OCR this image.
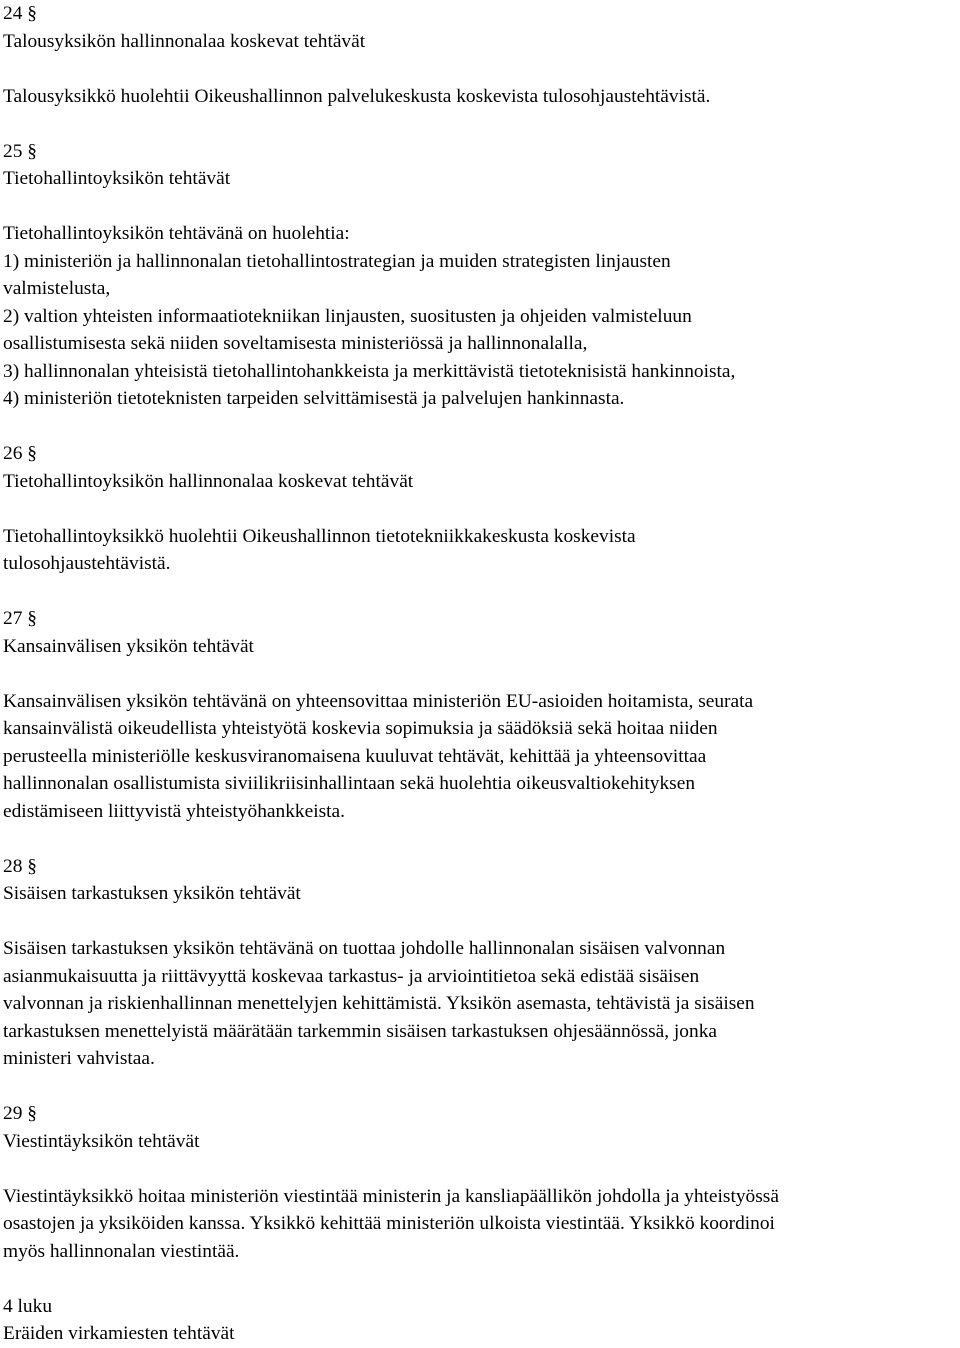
24 §
Talousyksikön hallinnonalaa koskevat tehtävät
Talousyksikkö huolehtii Oikeushallinnon palvelukeskusta koskevista tulosohjaustehtävistä.
25 §
Tietohallintoyksikön tehtävät
Tietohallintoyksikön tehtävänä on huolehtia:
1) ministeriön ja hallinnonalan tietohallintostrategian ja muiden strategisten linjausten
valmistelusta,
2) valtion yhteisten informaatiotekniikan linjausten, suositusten ja ohjeiden valmisteluun
osallistumisesta sekä niiden soveltamisesta ministeriössä ja hallinnonalalla,
3) hallinnonalan yhteisistä tietohallintohankkeista ja merkittävistä tietoteknisistä hankinnoista,
4) ministeriön tietoteknisten tarpeiden selvittämisestä ja palvelujen hankinnasta.
26 §
Tietohallintoyksikön hallinnonalaa koskevat tehtävät
Tietohallintoyksikkö huolehtii Oikeushallinnon tietotekniikkakeskusta koskevista
tulosohjaustehtävistä.
27 §
Kansainvälisen yksikön tehtävät
Kansainvälisen yksikön tehtävänä on yhteensovittaa ministeriön EU-asioiden hoitamista, seurata
kansainvälistä oikeudellista yhteistyötä koskevia sopimuksia ja säädöksiä sekä hoitaa niiden
perusteella ministeriölle keskusviranomaisena kuuluvat tehtävät, kehittää ja yhteensovittaa
hallinnonalan osallistumista siviilikriisinhallintaan sekä huolehtia oikeusvaltiokehityksen
edistämiseen liittyvistä yhteistyöhankkeista.
28 §
Sisäisen tarkastuksen yksikön tehtävät
Sisäisen tarkastuksen yksikön tehtävänä on tuottaa johdolle hallinnonalan sisäisen valvonnan
asianmukaisuutta ja riittävyyttä koskevaa tarkastus- ja arviointitietoa sekä edistää sisäisen
valvonnan ja riskienhallinnan menettelyjen kehittämistä. Yksikön asemasta, tehtävistä ja sisäisen
tarkastuksen menettelyistä määrätään tarkemmin sisäisen tarkastuksen ohjesäännössä, jonka
ministeri vahvistaa.
29 §
Viestintäyksikön tehtävät
Viestintäyksikkö hoitaa ministeriön viestintää ministerin ja kansliapäällikön johdolla ja yhteistyössä
osastojen ja yksiköiden kanssa. Yksikkö kehittää ministeriön ulkoista viestintää. Yksikkö koordinoi
myös hallinnonalan viestintää.
4 luku
Eräiden virkamiesten tehtävät
